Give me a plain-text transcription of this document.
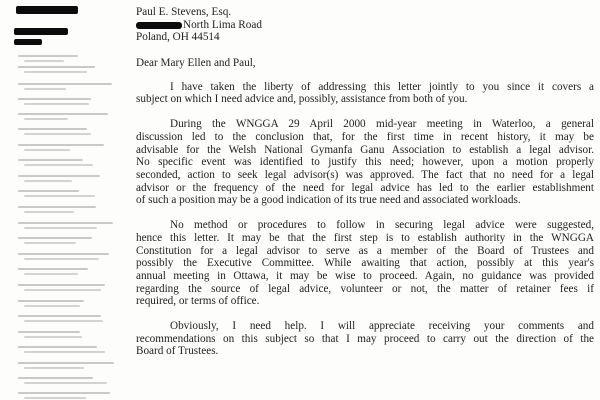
Paul E. Stevens, Esq.
North Lima Road
Poland, OH 44514
Dear Mary Ellen and Paul,
I have taken the liberty of addressing this letter jointly to you since it covers a
subject on which I need advice and, possibly, assistance from both of you.
During the WNGGA 29 April 2000 mid-year meeting in Waterloo, a general
discussion led to the conclusion that, for the first time in recent history, it may be
advisable for the Welsh National Gymanfa Ganu Association to establish a legal advisor.
No specific event was identified to justify this need; however, upon a motion properly
seconded, action to seek legal advisor(s) was approved. The fact that no need for a legal
advisor or the frequency of the need for legal advice has led to the earlier establishment
of such a position may be a good indication of its true need and associated workloads.
No method or procedures to follow in securing legal advice were suggested,
hence this letter. It may be that the first step is to establish authority in the WNGGA
Constitution for a legal advisor to serve as a member of the Board of Trustees and
possibly the Executive Committee. While awaiting that action, possibly at this year's
annual meeting in Ottawa, it may be wise to proceed. Again, no guidance was provided
regarding the source of legal advice, volunteer or not, the matter of retainer fees if
required, or terms of office.
Obviously, I need help. I will appreciate receiving your comments and
recommendations on this subject so that I may proceed to carry out the direction of the
Board of Trustees.
